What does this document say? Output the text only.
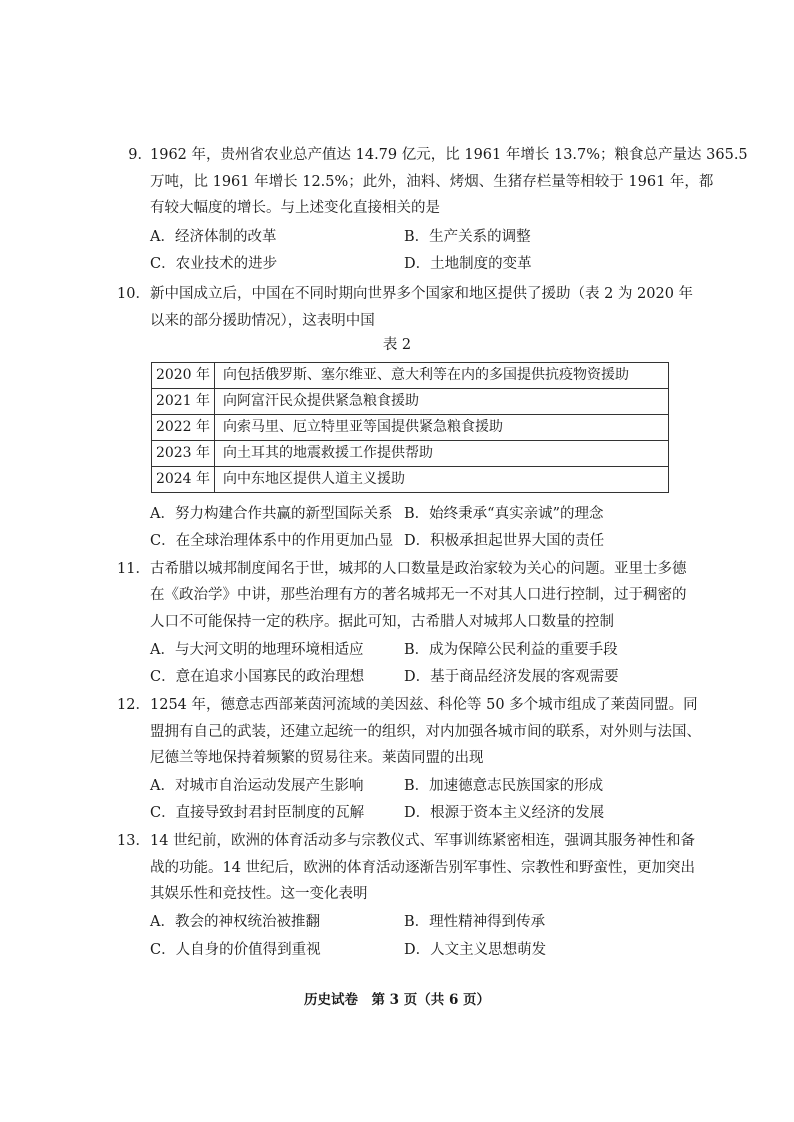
9．
1962 年，贵州省农业总产值达 14.79 亿元，比 1961 年增长 13.7%；粮食总产量达 365.5
万吨，比 1961 年增长 12.5%；此外，油料、烤烟、生猪存栏量等相较于 1961 年，都
有较大幅度的增长。与上述变化直接相关的是
A．经济体制的改革	B．生产关系的调整
C．农业技术的进步	D．土地制度的变革
10． 新中国成立后，中国在不同时期向世界多个国家和地区提供了援助（表 2 为 2020 年
以来的部分援助情况），这表明中国
表 2
2020 年	向包括俄罗斯、塞尔维亚、意大利等在内的多国提供抗疫物资援助
2021 年	向阿富汗民众提供紧急粮食援助
2022 年	向索马里、厄立特里亚等国提供紧急粮食援助
2023 年	向土耳其的地震救援工作提供帮助
2024 年	向中东地区提供人道主义援助
A．努力构建合作共赢的新型国际关系 B．始终秉承“真实亲诚”的理念
C．在全球治理体系中的作用更加凸显 D．积极承担起世界大国的责任
11． 古希腊以城邦制度闻名于世，城邦的人口数量是政治家较为关心的问题。亚里士多德
在《政治学》中讲，那些治理有方的著名城邦无一不对其人口进行控制，过于稠密的
人口不可能保持一定的秩序。据此可知，古希腊人对城邦人口数量的控制
A．与大河文明的地理环境相适应	B．成为保障公民利益的重要手段
C．意在追求小国寡民的政治理想	D．基于商品经济发展的客观需要
12． 1254 年，德意志西部莱茵河流域的美因兹、科伦等 50 多个城市组成了莱茵同盟。同
盟拥有自己的武装，还建立起统一的组织，对内加强各城市间的联系，对外则与法国、
尼德兰等地保持着频繁的贸易往来。莱茵同盟的出现
A．对城市自治运动发展产生影响	B．加速德意志民族国家的形成
C．直接导致封君封臣制度的瓦解	D．根源于资本主义经济的发展
13． 14 世纪前，欧洲的体育活动多与宗教仪式、军事训练紧密相连，强调其服务神性和备
战的功能。14 世纪后，欧洲的体育活动逐渐告别军事性、宗教性和野蛮性，更加突出
其娱乐性和竞技性。这一变化表明
A．教会的神权统治被推翻	B．理性精神得到传承
C．人自身的价值得到重视	D．人文主义思想萌发
历史试卷　第 3 页（共 6 页）
